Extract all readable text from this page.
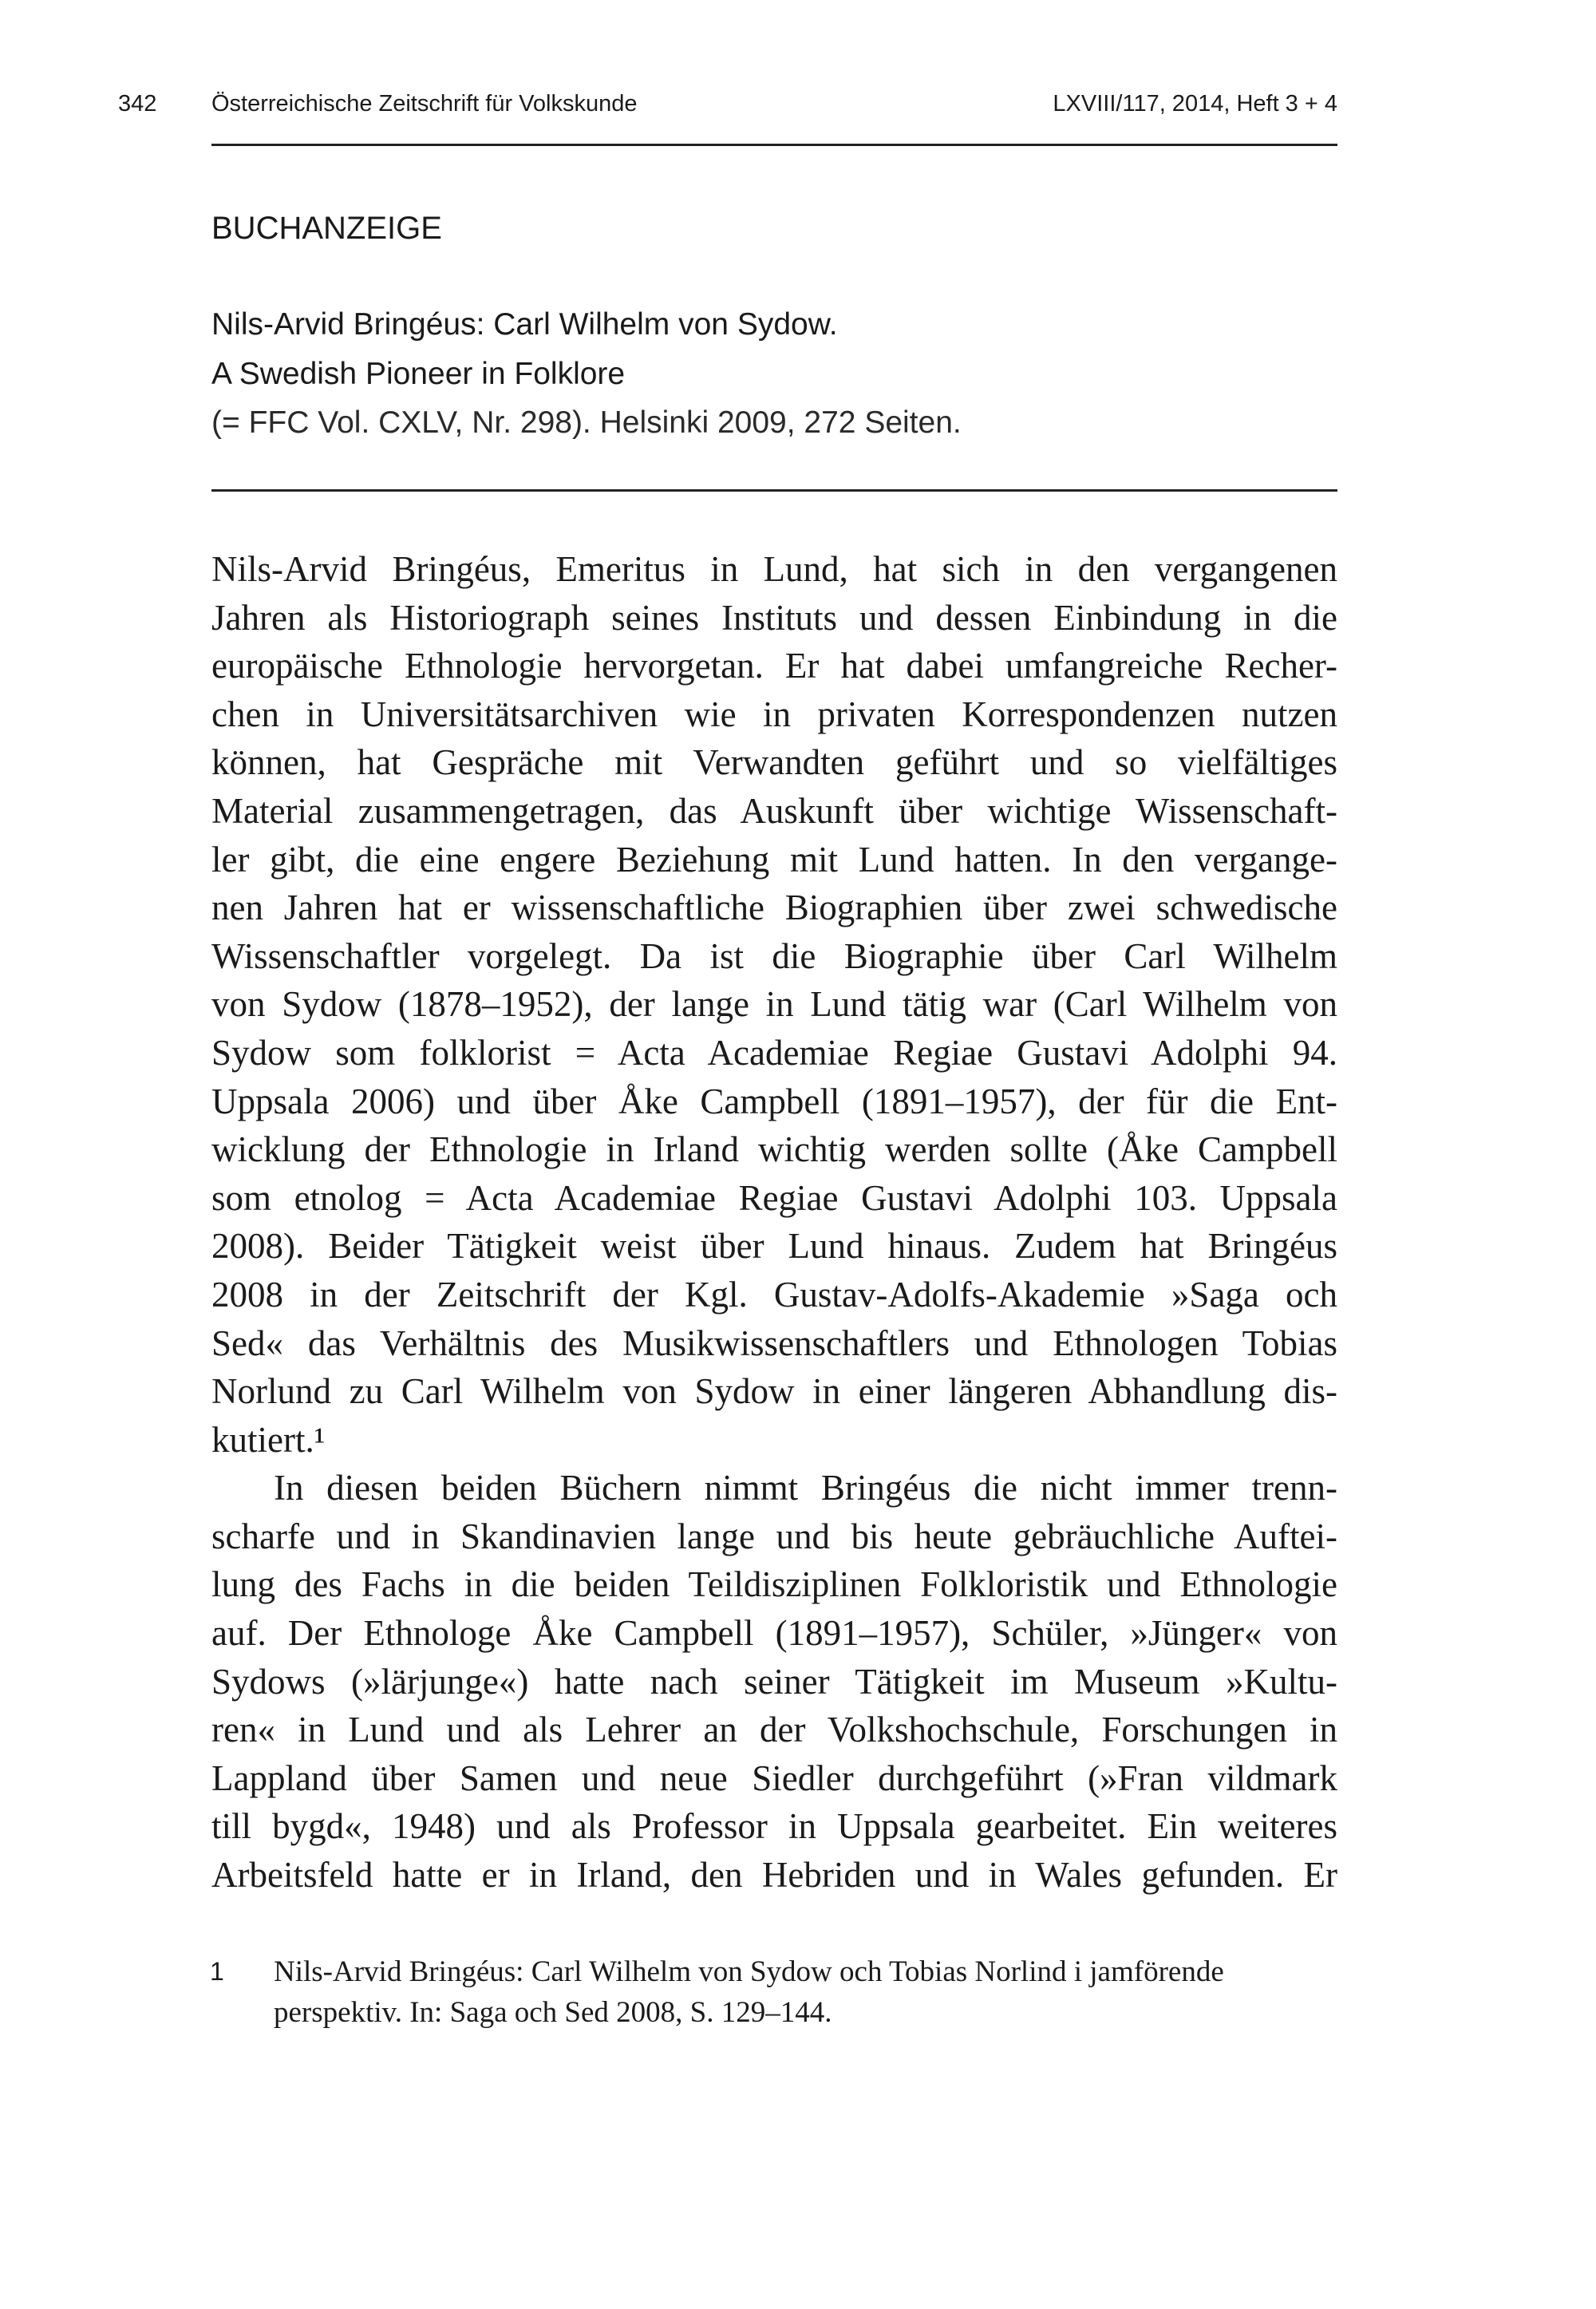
342 Österreichische Zeitschrift für Volkskunde	LXVIII/117, 2014, Heft 3 + 4
BUCHANZEIGE
Nils-Arvid Bringéus: Carl Wilhelm von Sydow.
A Swedish Pioneer in Folklore
(= FFC Vol. CXLV, Nr. 298). Helsinki 2009, 272 Seiten.
Nils-Arvid Bringéus, Emeritus in Lund, hat sich in den vergangenen
Jahren als Historiograph seines Instituts und dessen Einbindung in die
europäische Ethnologie hervorgetan. Er hat dabei umfangreiche Recher-
chen in Universitätsarchiven wie in privaten Korrespondenzen nutzen
können, hat Gespräche mit Verwandten geführt und so vielfältiges
Material zusammengetragen, das Auskunft über wichtige Wissenschaft-
ler gibt, die eine engere Beziehung mit Lund hatten. In den vergange-
nen Jahren hat er wissenschaftliche Biographien über zwei schwedische
Wissenschaftler vorgelegt. Da ist die Biographie über Carl Wilhelm
von Sydow (1878–1952), der lange in Lund tätig war (Carl Wilhelm von
Sydow som folklorist = Acta Academiae Regiae Gustavi Adolphi 94.
Uppsala 2006) und über Åke Campbell (1891–1957), der für die Ent-
wicklung der Ethnologie in Irland wichtig werden sollte (Åke Campbell
som etnolog = Acta Academiae Regiae Gustavi Adolphi 103. Uppsala
2008). Beider Tätigkeit weist über Lund hinaus. Zudem hat Bringéus
2008 in der Zeitschrift der Kgl. Gustav-Adolfs-Akademie »Saga och
Sed« das Verhältnis des Musikwissenschaftlers und Ethnologen Tobias
Norlund zu Carl Wilhelm von Sydow in einer längeren Abhandlung dis-
kutiert.¹
In diesen beiden Büchern nimmt Bringéus die nicht immer trenn-
scharfe und in Skandinavien lange und bis heute gebräuchliche Auftei-
lung des Fachs in die beiden Teildisziplinen Folkloristik und Ethnologie
auf. Der Ethnologe Åke Campbell (1891–1957), Schüler, »Jünger« von
Sydows (»lärjunge«) hatte nach seiner Tätigkeit im Museum »Kultu-
ren« in Lund und als Lehrer an der Volkshochschule, Forschungen in
Lappland über Samen und neue Siedler durchgeführt (»Fran vildmark
till bygd«, 1948) und als Professor in Uppsala gearbeitet. Ein weiteres
Arbeitsfeld hatte er in Irland, den Hebriden und in Wales gefunden. Er
1 Nils-Arvid Bringéus: Carl Wilhelm von Sydow och Tobias Norlind i jamförende
perspektiv. In: Saga och Sed 2008, S. 129–144.
